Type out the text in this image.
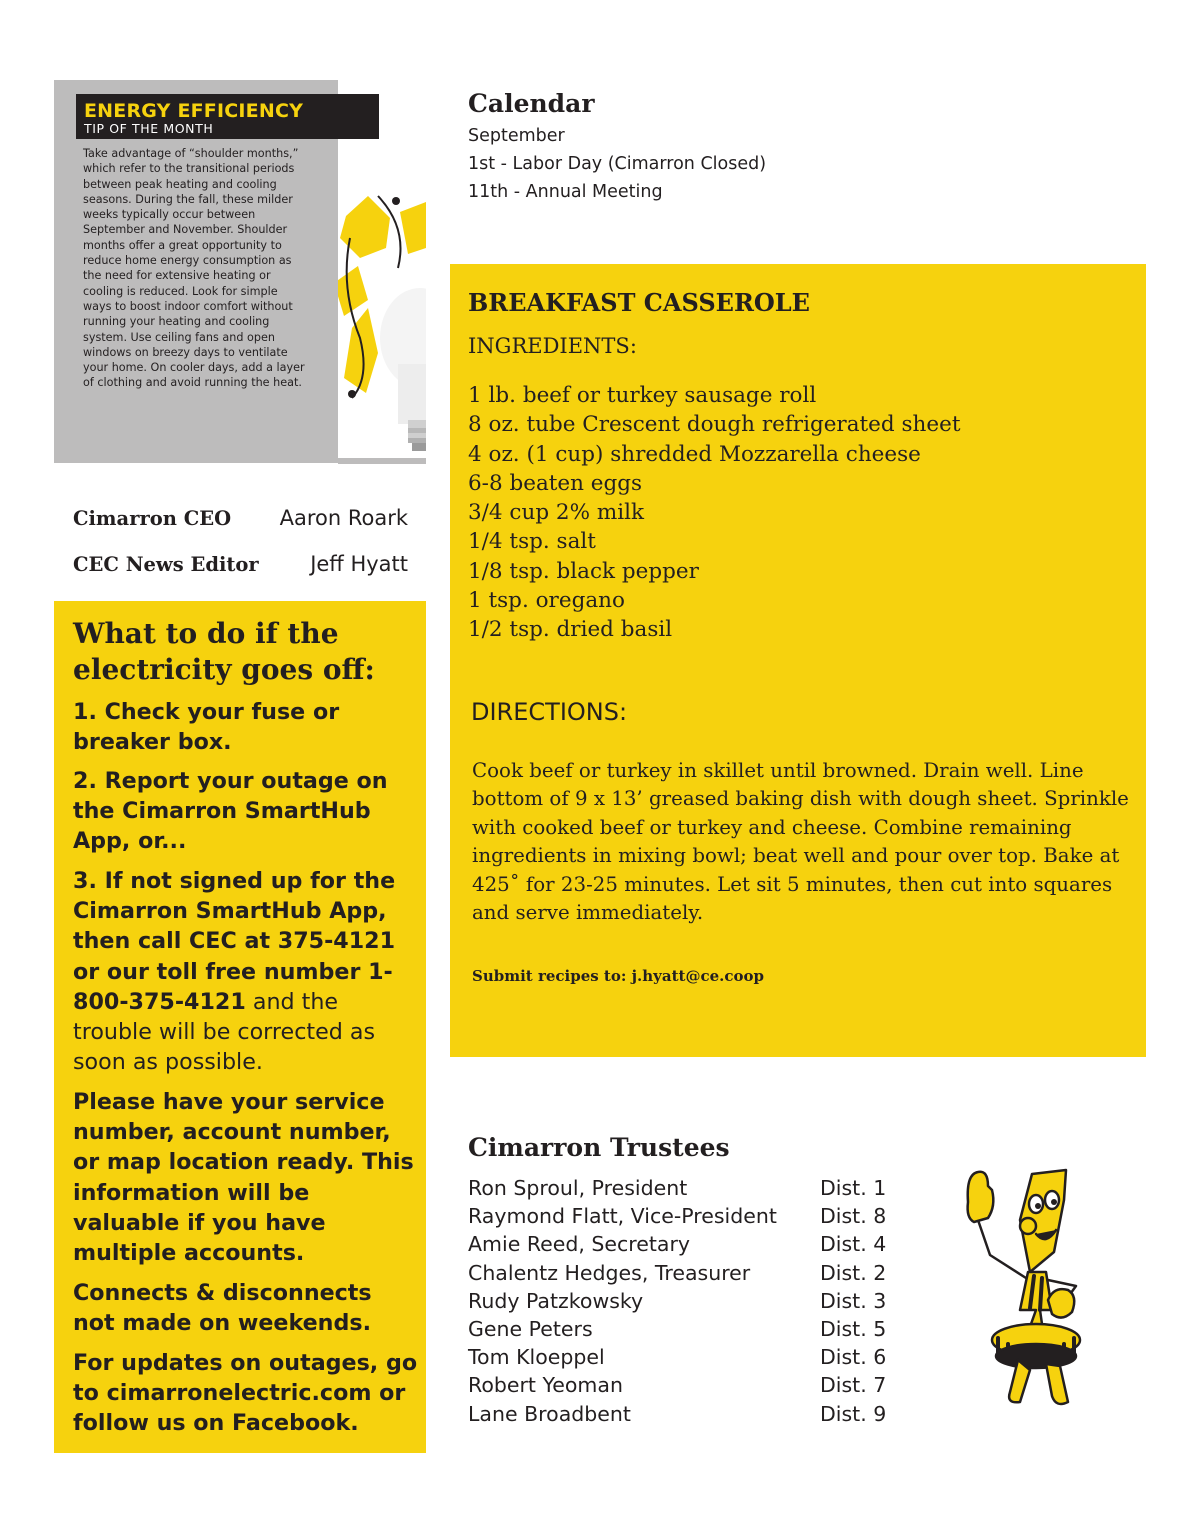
ENERGY EFFICIENCY
TIP OF THE MONTH

Take advantage of “shoulder months,” which refer to the transitional periods between peak heating and cooling seasons. During the fall, these milder weeks typically occur between September and November. Shoulder months offer a great opportunity to reduce home energy consumption as the need for extensive heating or cooling is reduced. Look for simple ways to boost indoor comfort without running your heating and cooling system. Use ceiling fans and open windows on breezy days to ventilate your home. On cooler days, add a layer of clothing and avoid running the heat.

Cimarron CEO Aaron Roark
CEC News Editor Jeff Hyatt
What to do if the electricity goes off:

1. Check your fuse or breaker box.

2. Report your outage on the Cimarron SmartHub App, or...

3. If not signed up for the Cimarron SmartHub App, then call CEC at 375-4121 or our toll free number 1-800-375-4121 and the trouble will be corrected as soon as possible.

Please have your service number, account number, or map location ready. This information will be valuable if you have multiple accounts.

Connects & disconnects not made on weekends.

For updates on outages, go to cimarronelectric.com or follow us on Facebook.

Calendar
September
1st - Labor Day (Cimarron Closed)
11th - Annual Meeting
BREAKFAST CASSEROLE
INGREDIENTS:
1 lb. beef or turkey sausage roll
8 oz. tube Crescent dough refrigerated sheet
4 oz. (1 cup) shredded Mozzarella cheese
6-8 beaten eggs
3/4 cup 2% milk
1/4 tsp. salt
1/8 tsp. black pepper
1 tsp. oregano
1/2 tsp. dried basil
DIRECTIONS:

Cook beef or turkey in skillet until browned. Drain well. Line bottom of 9 x 13’ greased baking dish with dough sheet. Sprinkle with cooked beef or turkey and cheese. Combine remaining ingredients in mixing bowl; beat well and pour over top. Bake at 425˚ for 23-25 minutes. Let sit 5 minutes, then cut into squares and serve immediately.

Submit recipes to: j.hyatt@ce.coop
Cimarron Trustees
Ron Sproul, President	Dist. 1
Raymond Flatt, Vice-President Dist. 8
Amie Reed, Secretary	Dist. 4
Chalentz Hedges, Treasurer	Dist. 2
Rudy Patzkowsky	Dist. 3
Gene Peters	Dist. 5
Tom Kloeppel	Dist. 6
Robert Yeoman	Dist. 7
Lane Broadbent	Dist. 9
